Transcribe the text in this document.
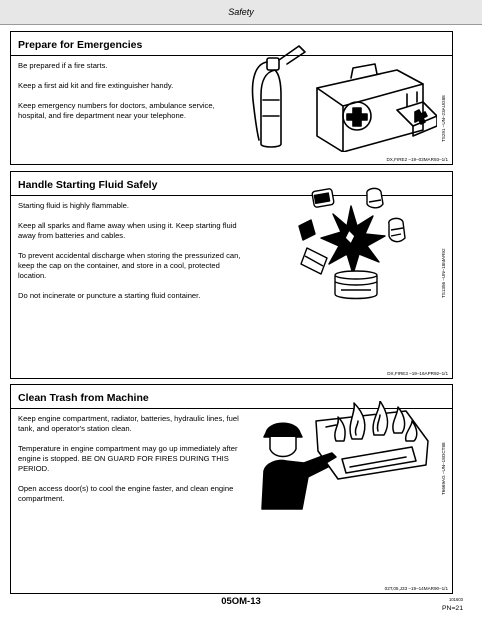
Safety
Prepare for Emergencies

Be prepared if a fire starts.

Keep a first aid kit and fire extinguisher handy.

Keep emergency numbers for doctors, ambulance service, hospital, and fire department near your telephone.	TS291 –UN–23AUG88
DX,FIRE2 –19–03MAR93–1/1
Handle Starting Fluid Safely

Starting fluid is highly flammable.

Keep all sparks and flame away when using it. Keep starting fluid away from batteries and cables.

To prevent accidental discharge when storing the pressurized can, keep the cap on the container, and store in a cool, protected location.

Do not incinerate or puncture a starting fluid container.	TS1356 –UN–18MAR92
DX,FIRE3 –19–16APR92–1/1
Clean Trash from Machine

Keep engine compartment, radiator, batteries, hydraulic lines, fuel tank, and operator's station clean.

Temperature in engine compartment may go up immediately after engine is stopped. BE ON GUARD FOR FIRES DURING THIS PERIOD.

Open access door(s) to cool the engine faster, and clean engine compartment.

T6669AG –UN–18OCT88
02T,05,J33 –19–14MAR90–1/1
05OM-13	101603
PN=21
